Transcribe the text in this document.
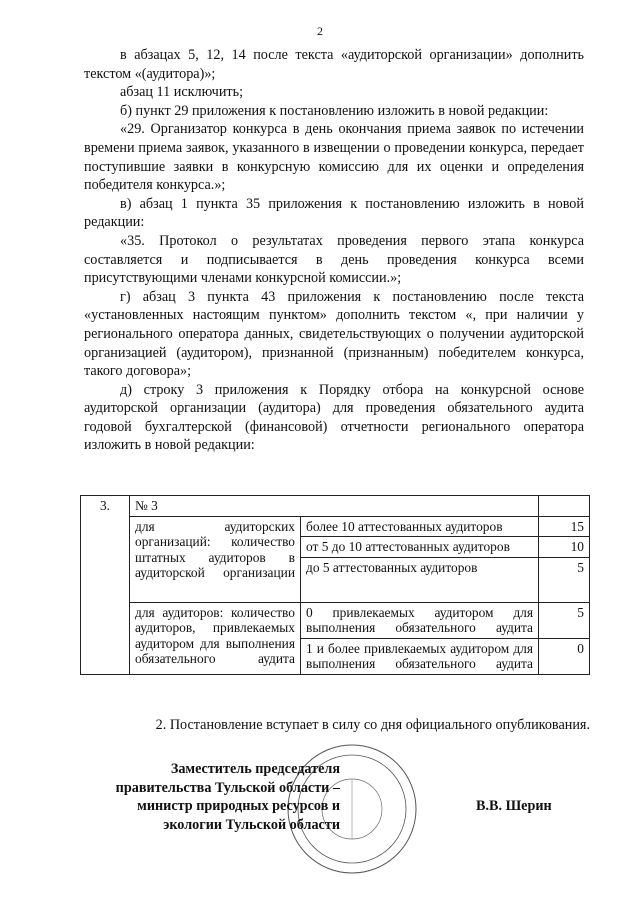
2

в абзацах 5, 12, 14 после текста «аудиторской организации» дополнить текстом «(аудитора)»;

абзац 11 исключить;

б) пункт 29 приложения к постановлению изложить в новой редакции:

«29. Организатор конкурса в день окончания приема заявок по истечении времени приема заявок, указанного в извещении о проведении конкурса, передает поступившие заявки в конкурсную комиссию для их оценки и определения победителя конкурса.»;

в) абзац 1 пункта 35 приложения к постановлению изложить в новой редакции:

«35. Протокол о результатах проведения первого этапа конкурса составляется и подписывается в день проведения конкурса всеми присутствующими членами конкурсной комиссии.»;

г) абзац 3 пункта 43 приложения к постановлению после текста «установленных настоящим пунктом» дополнить текстом «, при наличии у регионального оператора данных, свидетельствующих о получении аудиторской организацией (аудитором), признанной (признанным) победителем конкурса, такого договора»;

д) строку 3 приложения к Порядку отбора на конкурсной основе аудиторской организации (аудитора) для проведения обязательного аудита годовой бухгалтерской (финансовой) отчетности регионального оператора изложить в новой редакции:

3.	№ 3		
	для аудиторских организаций: количество штатных аудиторов в аудиторской организации	более 10 аттестованных аудиторов	15
		от 5 до 10 аттестованных аудиторов	10
		до 5 аттестованных аудиторов	5
	для аудиторов: количество аудиторов, привлекаемых аудитором для выполнения обязательного аудита	0 привлекаемых аудитором для выполнения обязательного аудита	5
		1 и более привлекаемых аудитором для выполнения обязательного аудита	0
2. Постановление вступает в силу со дня официального опубликования.
Заместитель председателя
правительства Тульской области –
министр природных ресурсов и
экологии Тульской области
В.В. Шерин
